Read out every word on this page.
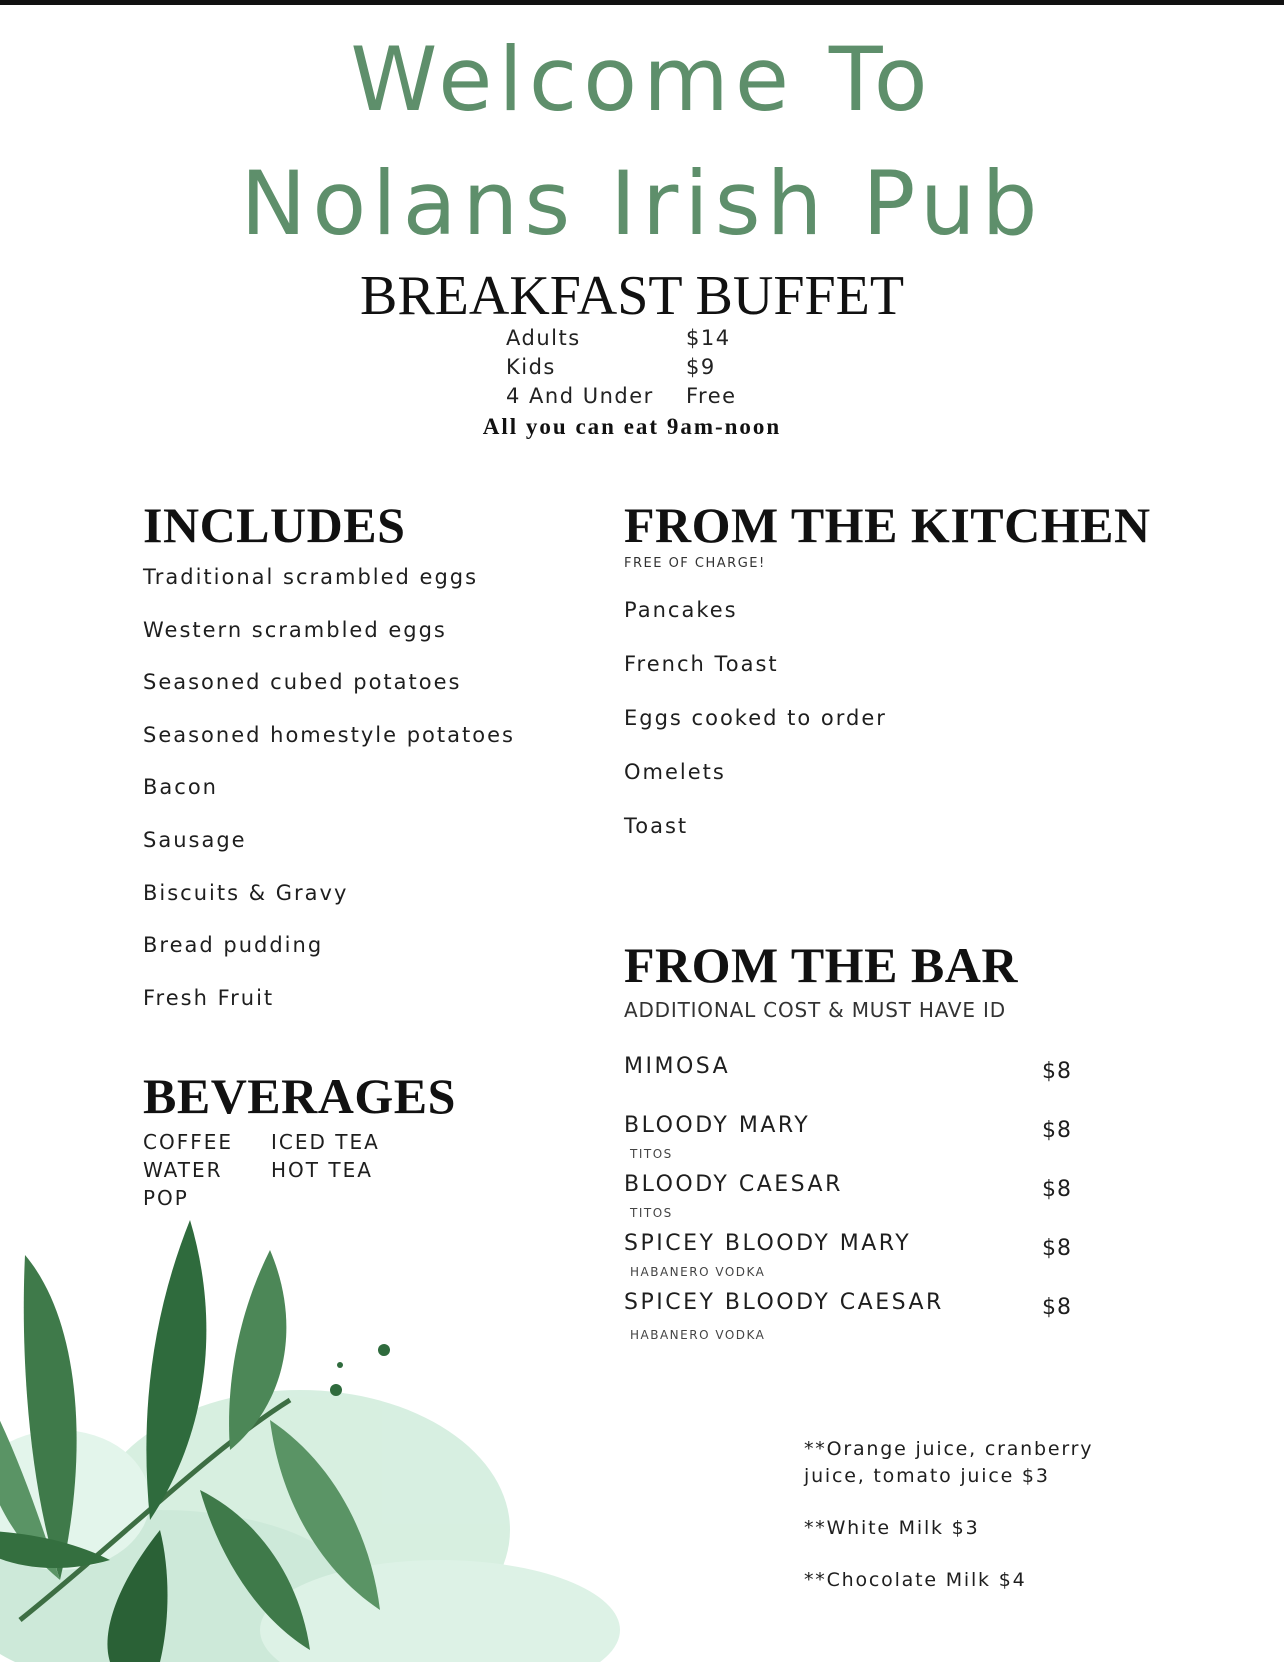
Welcome To
Nolans Irish Pub
BREAKFAST BUFFET
Adults	$14
Kids	$9
4 And Under	Free
All you can eat 9am-noon
INCLUDES
Traditional scrambled eggs
Western scrambled eggs
Seasoned cubed potatoes
Seasoned homestyle potatoes
Bacon
Sausage
Biscuits & Gravy
Bread pudding
Fresh Fruit
FROM THE KITCHEN
FREE OF CHARGE!
Pancakes
French Toast
Eggs cooked to order
Omelets
Toast
BEVERAGES
COFFEE	ICED TEA
WATER	HOT TEA
POP
FROM THE BAR
ADDITIONAL COST & MUST HAVE ID
MIMOSA	$8
BLOODY MARY	$8
TITOS
BLOODY CAESAR	$8
TITOS
SPICEY BLOODY MARY	$8
HABANERO VODKA
SPICEY BLOODY CAESAR	$8
HABANERO VODKA

**Orange juice, cranberry juice, tomato juice $3

**White Milk $3

**Chocolate Milk $4
